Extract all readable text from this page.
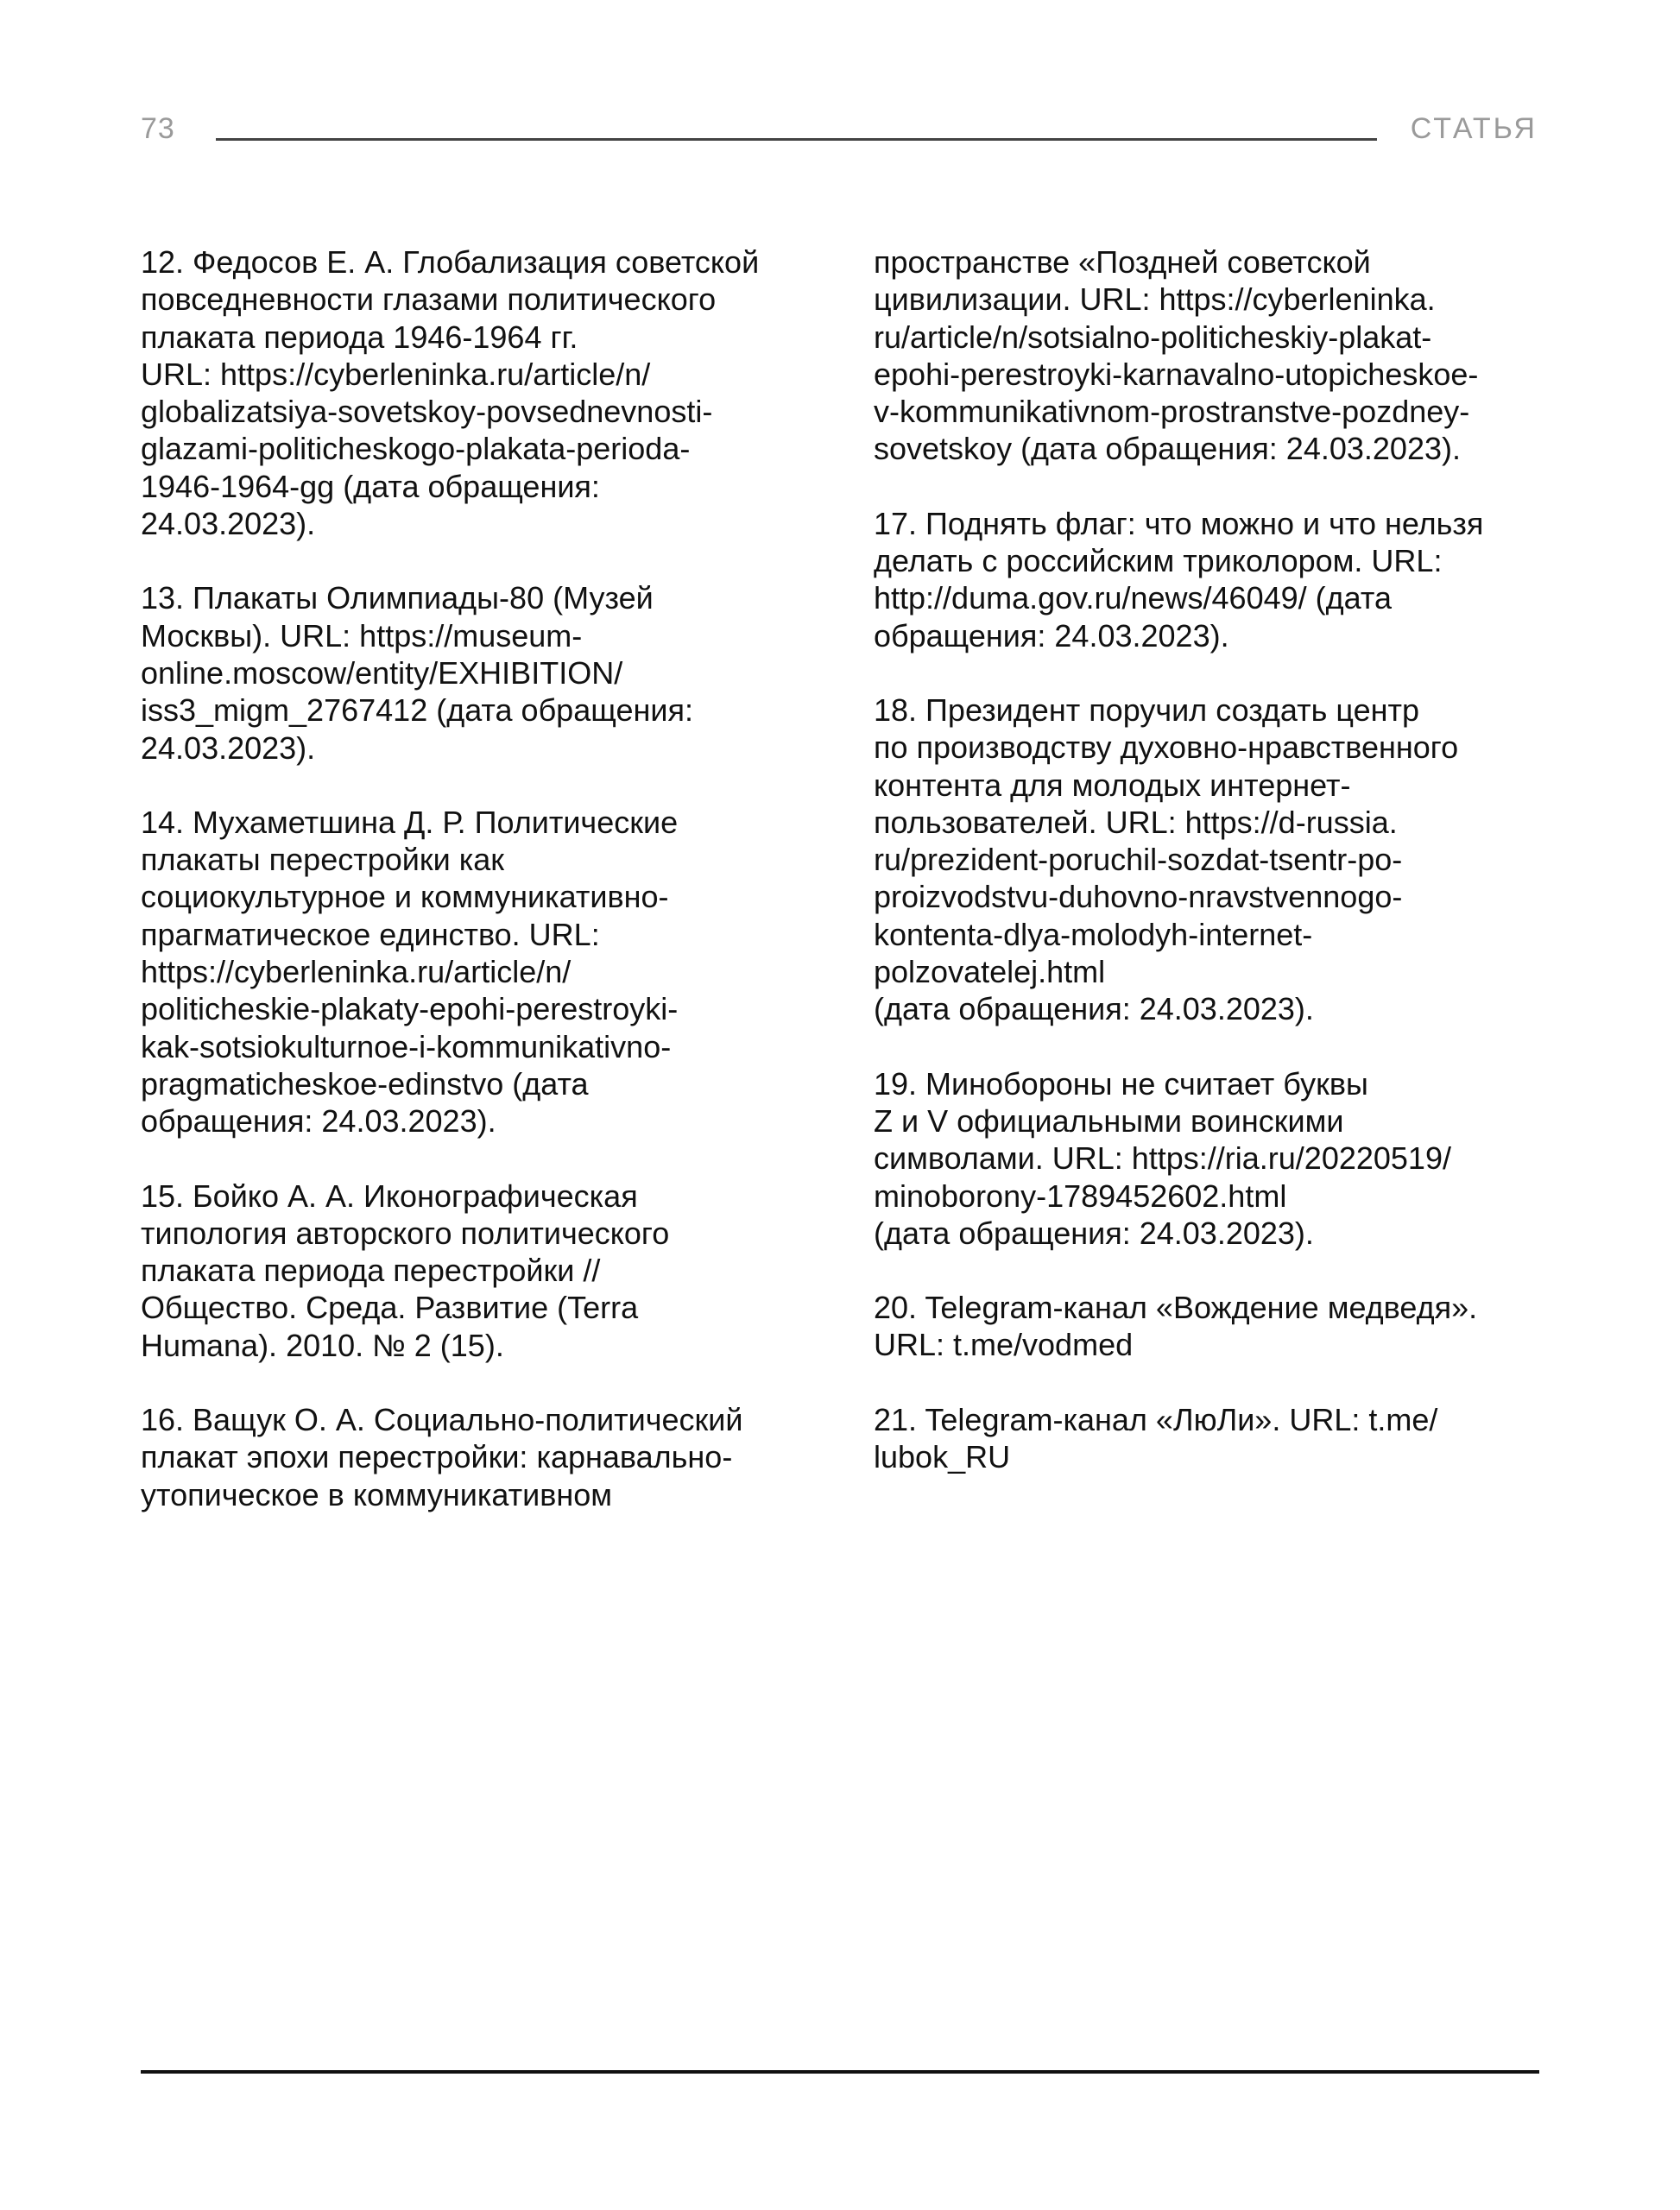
73	СТАТЬЯ
12. Федосов Е. А. Глобализация советской
повседневности глазами политического
плаката периода 1946-1964 гг.
URL: https://cyberleninka.ru/article/n/
globalizatsiya-sovetskoy-povsednevnosti-
glazami-politicheskogo-plakata-perioda-
1946-1964-gg (дата обращения:
24.03.2023).
13. Плакаты Олимпиады-80 (Музей
Москвы). URL: https://museum-
online.moscow/entity/EXHIBITION/
iss3_migm_2767412 (дата обращения:
24.03.2023).
14. Мухаметшина Д. Р. Политические
плакаты перестройки как
социокультурное и коммуникативно-
прагматическое единство. URL:
https://cyberleninka.ru/article/n/
politicheskie-plakaty-epohi-perestroyki-
kak-sotsiokulturnoe-i-kommunikativno-
pragmaticheskoe-edinstvo (дата
обращения: 24.03.2023).
15. Бойко А. А. Иконографическая
типология авторского политического
плаката периода перестройки //
Общество. Среда. Развитие (Terra
Humana). 2010. № 2 (15).
16. Ващук О. А. Социально-политический
плакат эпохи перестройки: карнавально-
утопическое в коммуникативном
пространстве «Поздней советской
цивилизации. URL: https://cyberleninka.
ru/article/n/sotsialno-politicheskiy-plakat-
epohi-perestroyki-karnavalno-utopicheskoe-
v-kommunikativnom-prostranstve-pozdney-
sovetskoy (дата обращения: 24.03.2023).
17. Поднять флаг: что можно и что нельзя
делать с российским триколором. URL:
http://duma.gov.ru/news/46049/ (дата
обращения: 24.03.2023).
18. Президент поручил создать центр
по производству духовно-нравственного
контента для молодых интернет-
пользователей. URL: https://d-russia.
ru/prezident-poruchil-sozdat-tsentr-po-
proizvodstvu-duhovno-nravstvennogo-
kontenta-dlya-molodyh-internet-
polzovatelej.html
(дата обращения: 24.03.2023).
19. Минобороны не считает буквы
Z и V официальными воинскими
символами. URL: https://ria.ru/20220519/
minoborony-1789452602.html
(дата обращения: 24.03.2023).
20. Telegram-канал «Вождение медведя».
URL: t.me/vodmed
21. Telegram-канал «ЛюЛи». URL: t.me/
lubok_RU
